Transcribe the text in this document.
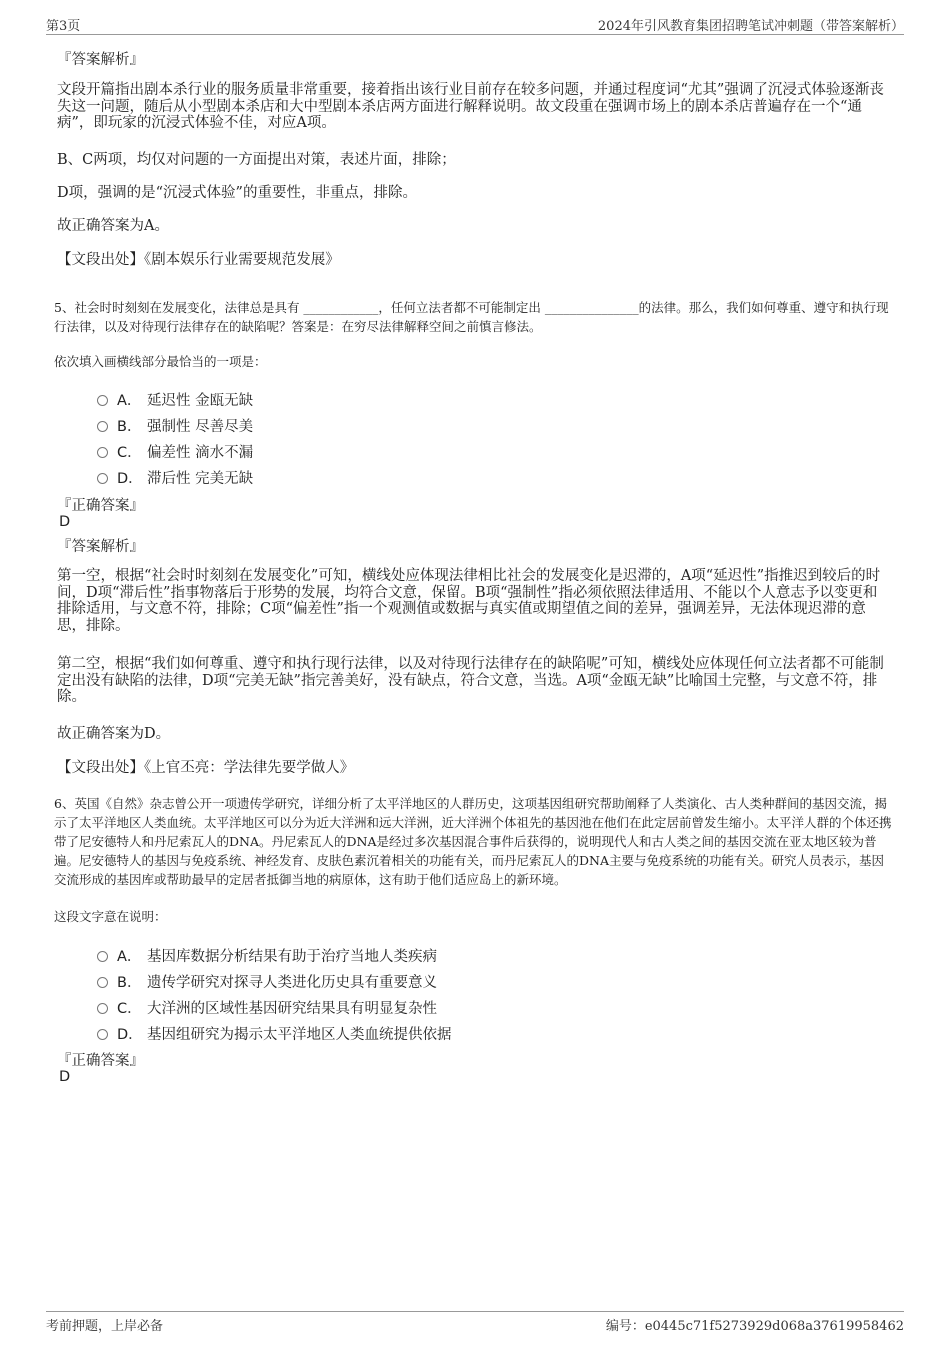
第3页	2024年引风教育集团招聘笔试冲刺题（带答案解析）
『答案解析』
文段开篇指出剧本杀行业的服务质量非常重要，接着指出该行业目前存在较多问题，并通过程度词“尤其”强调了沉浸式体验逐渐丧失这一问题，随后从小型剧本杀店和大中型剧本杀店两方面进行解释说明。故文段重在强调市场上的剧本杀店普遍存在一个“通病”，即玩家的沉浸式体验不佳，对应A项。
B、C两项，均仅对问题的一方面提出对策，表述片面，排除；
D项，强调的是“沉浸式体验”的重要性，非重点，排除。
故正确答案为A。
【文段出处】《剧本娱乐行业需要规范发展》
5、社会时时刻刻在发展变化，法律总是具有 ____________，任何立法者都不可能制定出 _______________的法律。那么，我们如何尊重、遵守和执行现行法律，以及对待现行法律存在的缺陷呢？答案是：在穷尽法律解释空间之前慎言修法。
依次填入画横线部分最恰当的一项是：
A． 延迟性 金瓯无缺
B． 强制性 尽善尽美
C． 偏差性 滴水不漏
D． 滞后性 完美无缺
『正确答案』
D
『答案解析』
第一空，根据“社会时时刻刻在发展变化”可知，横线处应体现法律相比社会的发展变化是迟滞的，A项“延迟性”指推迟到较后的时间，D项“滞后性”指事物落后于形势的发展，均符合文意，保留。B项“强制性”指必须依照法律适用、不能以个人意志予以变更和排除适用，与文意不符，排除；C项“偏差性”指一个观测值或数据与真实值或期望值之间的差异，强调差异，无法体现迟滞的意思，排除。
第二空，根据“我们如何尊重、遵守和执行现行法律，以及对待现行法律存在的缺陷呢”可知，横线处应体现任何立法者都不可能制定出没有缺陷的法律，D项“完美无缺”指完善美好，没有缺点，符合文意，当选。A项“金瓯无缺”比喻国土完整，与文意不符，排除。
故正确答案为D。
【文段出处】《上官丕亮：学法律先要学做人》
6、英国《自然》杂志曾公开一项遗传学研究，详细分析了太平洋地区的人群历史，这项基因组研究帮助阐释了人类演化、古人类种群间的基因交流，揭示了太平洋地区人类血统。太平洋地区可以分为近大洋洲和远大洋洲，近大洋洲个体祖先的基因池在他们在此定居前曾发生缩小。太平洋人群的个体还携带了尼安德特人和丹尼索瓦人的DNA。丹尼索瓦人的DNA是经过多次基因混合事件后获得的，说明现代人和古人类之间的基因交流在亚太地区较为普遍。尼安德特人的基因与免疫系统、神经发育、皮肤色素沉着相关的功能有关，而丹尼索瓦人的DNA主要与免疫系统的功能有关。研究人员表示，基因交流形成的基因库或帮助最早的定居者抵御当地的病原体，这有助于他们适应岛上的新环境。
这段文字意在说明：
A． 基因库数据分析结果有助于治疗当地人类疾病
B． 遗传学研究对探寻人类进化历史具有重要意义
C． 大洋洲的区域性基因研究结果具有明显复杂性
D． 基因组研究为揭示太平洋地区人类血统提供依据
『正确答案』
D
考前押题，上岸必备	编号：e0445c71f5273929d068a37619958462
